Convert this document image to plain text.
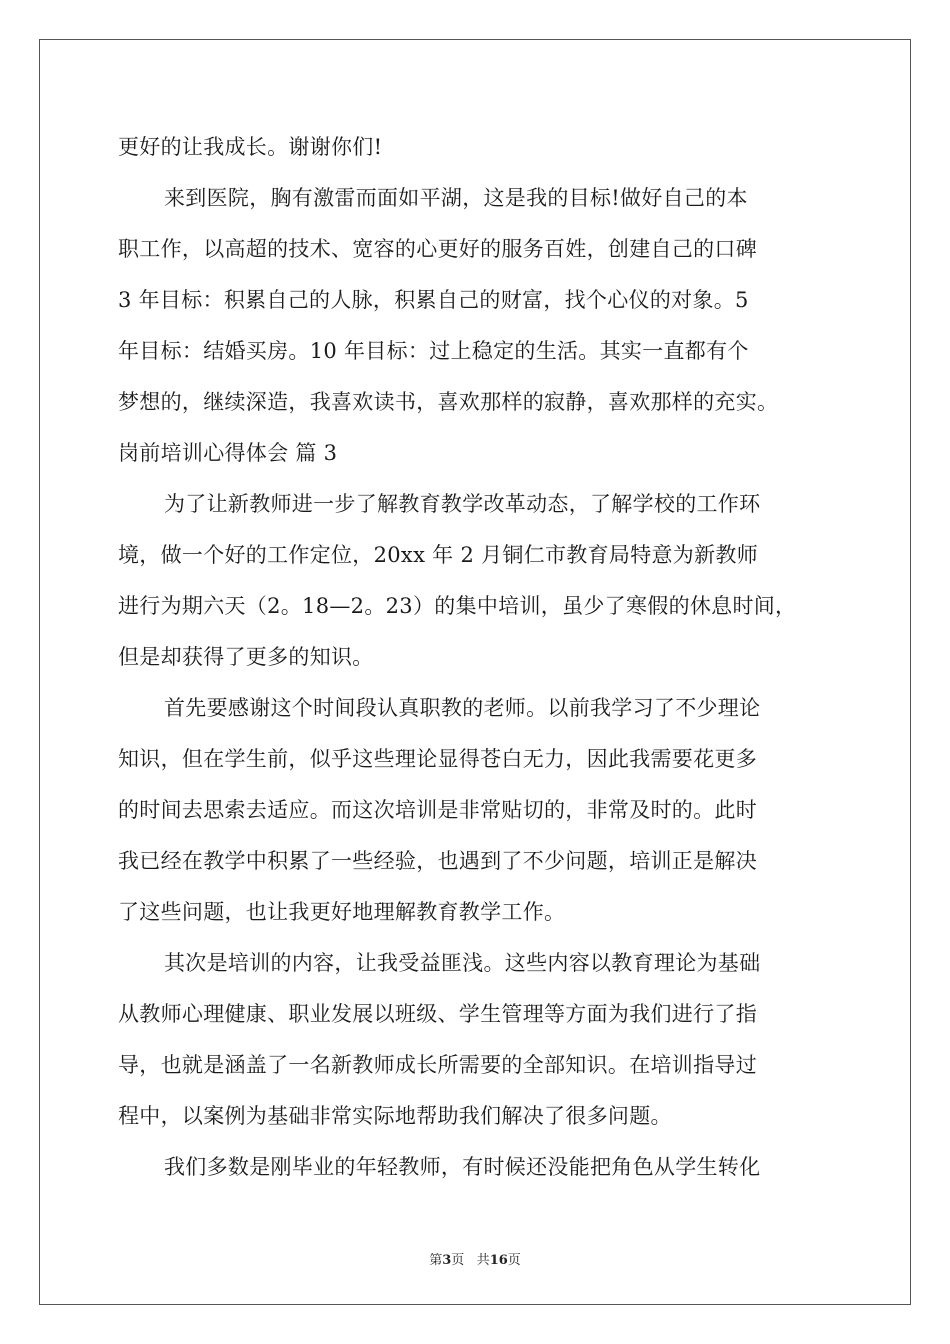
更好的让我成长。谢谢你们!
来到医院，胸有激雷而面如平湖，这是我的目标!做好自己的本
职工作，以高超的技术、宽容的心更好的服务百姓，创建自己的口碑
3 年目标：积累自己的人脉，积累自己的财富，找个心仪的对象。5
年目标：结婚买房。10 年目标：过上稳定的生活。其实一直都有个
梦想的，继续深造，我喜欢读书，喜欢那样的寂静，喜欢那样的充实。
岗前培训心得体会 篇 3
为了让新教师进一步了解教育教学改革动态，了解学校的工作环
境，做一个好的工作定位，20xx 年 2 月铜仁市教育局特意为新教师
进行为期六天（2。18—2。23）的集中培训，虽少了寒假的休息时间，
但是却获得了更多的知识。
首先要感谢这个时间段认真职教的老师。以前我学习了不少理论
知识，但在学生前，似乎这些理论显得苍白无力，因此我需要花更多
的时间去思索去适应。而这次培训是非常贴切的，非常及时的。此时
我已经在教学中积累了一些经验，也遇到了不少问题，培训正是解决
了这些问题，也让我更好地理解教育教学工作。
其次是培训的内容，让我受益匪浅。这些内容以教育理论为基础
从教师心理健康、职业发展以班级、学生管理等方面为我们进行了指
导，也就是涵盖了一名新教师成长所需要的全部知识。在培训指导过
程中，以案例为基础非常实际地帮助我们解决了很多问题。
我们多数是刚毕业的年轻教师，有时候还没能把角色从学生转化
第3页 共16页
